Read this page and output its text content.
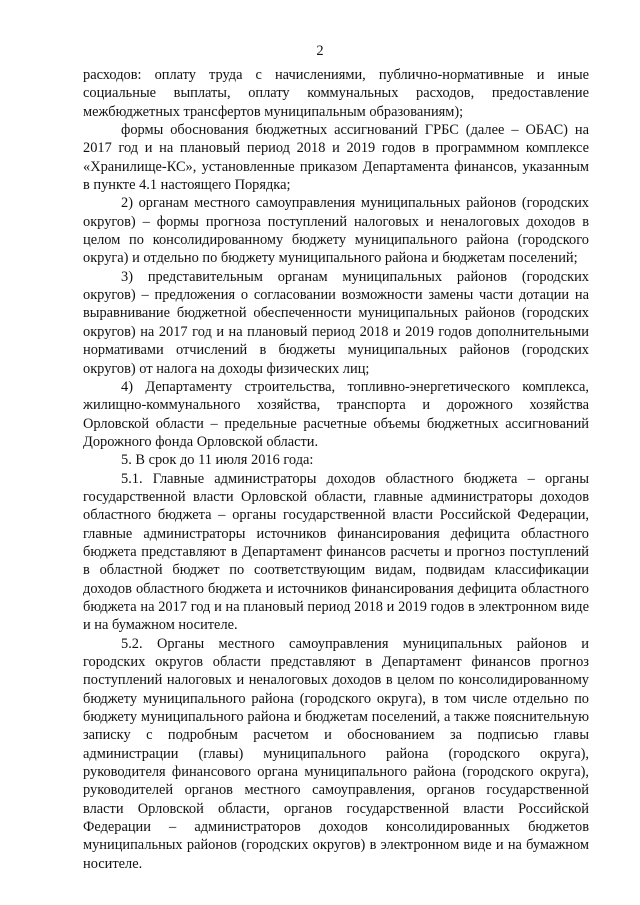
2

расходов: оплату труда с начислениями, публично-нормативные и иные социальные выплаты, оплату коммунальных расходов, предоставление межбюджетных трансфертов муниципальным образованиям);

формы обоснования бюджетных ассигнований ГРБС (далее – ОБАС) на 2017 год и на плановый период 2018 и 2019 годов в программном комплексе «Хранилище-КС», установленные приказом Департамента финансов, указанным в пункте 4.1 настоящего Порядка;

2) органам местного самоуправления муниципальных районов (городских округов) – формы прогноза поступлений налоговых и неналоговых доходов в целом по консолидированному бюджету муниципального района (городского округа) и отдельно по бюджету муниципального района и бюджетам поселений;

3) представительным органам муниципальных районов (городских округов) – предложения о согласовании возможности замены части дотации на выравнивание бюджетной обеспеченности муниципальных районов (городских округов) на 2017 год и на плановый период 2018 и 2019 годов дополнительными нормативами отчислений в бюджеты муниципальных районов (городских округов) от налога на доходы физических лиц;

4) Департаменту строительства, топливно-энергетического комплекса, жилищно-коммунального хозяйства, транспорта и дорожного хозяйства Орловской области – предельные расчетные объемы бюджетных ассигнований Дорожного фонда Орловской области.

5. В срок до 11 июля 2016 года:

5.1. Главные администраторы доходов областного бюджета – органы государственной власти Орловской области, главные администраторы доходов областного бюджета – органы государственной власти Российской Федерации, главные администраторы источников финансирования дефицита областного бюджета представляют в Департамент финансов расчеты и прогноз поступлений в областной бюджет по соответствующим видам, подвидам классификации доходов областного бюджета и источников финансирования дефицита областного бюджета на 2017 год и на плановый период 2018 и 2019 годов в электронном виде и на бумажном носителе.

5.2. Органы местного самоуправления муниципальных районов и городских округов области представляют в Департамент финансов прогноз поступлений налоговых и неналоговых доходов в целом по консолидированному бюджету муниципального района (городского округа), в том числе отдельно по бюджету муниципального района и бюджетам поселений, а также пояснительную записку с подробным расчетом и обоснованием за подписью главы администрации (главы) муниципального района (городского округа), руководителя финансового органа муниципального района (городского округа), руководителей органов местного самоуправления, органов государственной власти Орловской области, органов государственной власти Российской Федерации – администраторов доходов консолидированных бюджетов муниципальных районов (городских округов) в электронном виде и на бумажном носителе.
